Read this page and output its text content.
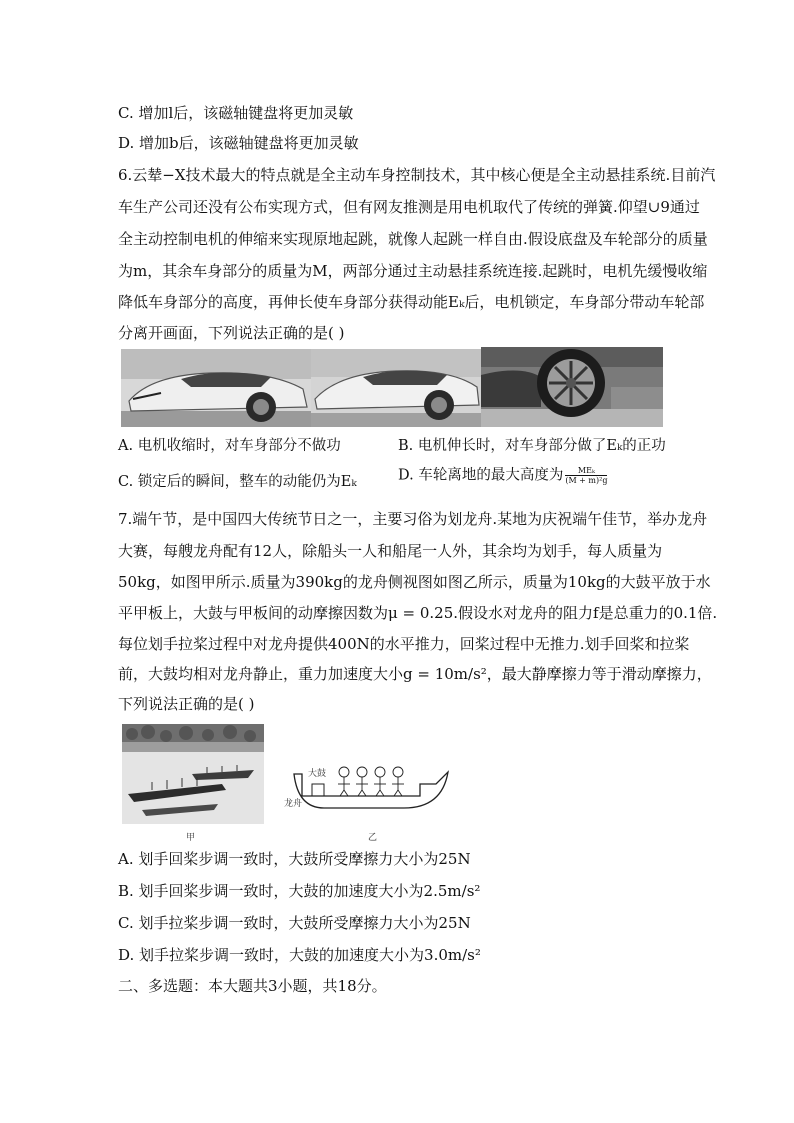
C. 增加l后，该磁轴键盘将更加灵敏
D. 增加b后，该磁轴键盘将更加灵敏
6.云辇−X技术最大的特点就是全主动车身控制技术，其中核心便是全主动悬挂系统.目前汽
车生产公司还没有公布实现方式，但有网友推测是用电机取代了传统的弹簧.仰望∪9通过
全主动控制电机的伸缩来实现原地起跳，就像人起跳一样自由.假设底盘及车轮部分的质量
为m，其余车身部分的质量为M，两部分通过主动悬挂系统连接.起跳时，电机先缓慢收缩
降低车身部分的高度，再伸长使车身部分获得动能Eₖ后，电机锁定，车身部分带动车轮部
分离开画面，下列说法正确的是( )
A. 电机收缩时，对车身部分不做功	B. 电机伸长时，对车身部分做了Eₖ的正功
C. 锁定后的瞬间，整车的动能仍为Eₖ	D. 车轮离地的最大高度为 $\frac{\text{MEₖ}}{\text{(M + m)²g}}$
7.端午节，是中国四大传统节日之一，主要习俗为划龙舟.某地为庆祝端午佳节，举办龙舟
大赛，每艘龙舟配有12人，除船头一人和船尾一人外，其余均为划手，每人质量为
50kg，如图甲所示.质量为390kg的龙舟侧视图如图乙所示，质量为10kg的大鼓平放于水
平甲板上，大鼓与甲板间的动摩擦因数为μ = 0.25.假设水对龙舟的阻力f是总重力的0.1倍.
每位划手拉桨过程中对龙舟提供400N的水平推力，回桨过程中无推力.划手回桨和拉桨
前，大鼓均相对龙舟静止，重力加速度大小g = 10m/s²，最大静摩擦力等于滑动摩擦力，
下列说法正确的是( )
甲
大鼓
龙舟
乙
A. 划手回桨步调一致时，大鼓所受摩擦力大小为25N
B. 划手回桨步调一致时，大鼓的加速度大小为2.5m/s²
C. 划手拉桨步调一致时，大鼓所受摩擦力大小为25N
D. 划手拉桨步调一致时，大鼓的加速度大小为3.0m/s²
二、多选题：本大题共3小题，共18分。
